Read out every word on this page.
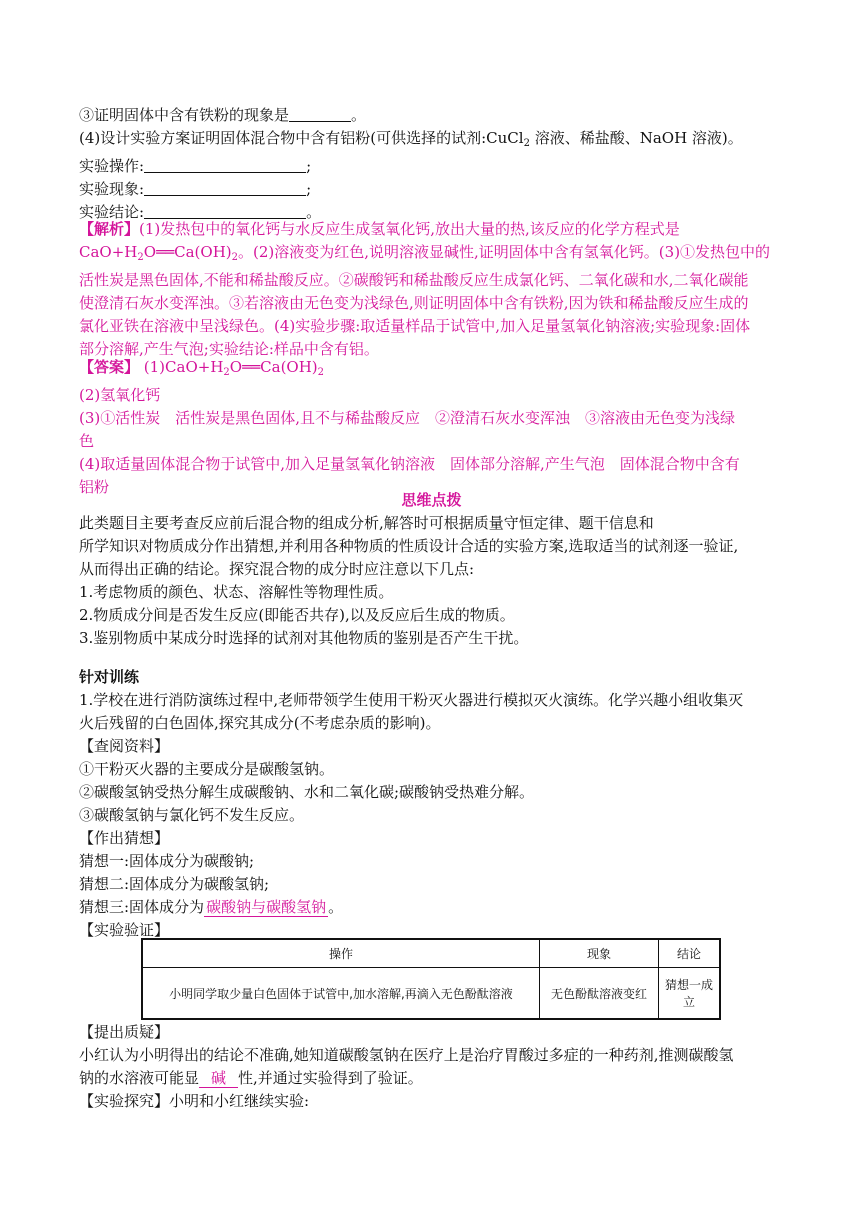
③证明固体中含有铁粉的现象是	。
(4)设计实验方案证明固体混合物中含有铝粉(可供选择的试剂:CuCl$_2$ 溶液、稀盐酸、NaOH 溶液)。
实验操作:	;
实验现象:	;
实验结论:	。
【解析】(1)发热包中的氧化钙与水反应生成氢氧化钙,放出大量的热,该反应的化学方程式是
$CaO+H_2O══Ca(OH)_2$。(2)溶液变为红色,说明溶液显碱性,证明固体中含有氢氧化钙。(3)①发热包中的
活性炭是黑色固体,不能和稀盐酸反应。②碳酸钙和稀盐酸反应生成氯化钙、二氧化碳和水,二氧化碳能
使澄清石灰水变浑浊。③若溶液由无色变为浅绿色,则证明固体中含有铁粉,因为铁和稀盐酸反应生成的
氯化亚铁在溶液中呈浅绿色。(4)实验步骤:取适量样品于试管中,加入足量氢氧化钠溶液;实验现象:固体
部分溶解,产生气泡;实验结论:样品中含有铝。
【答案】 $(1)CaO+H_2O══Ca(OH)_2$
(2)氢氧化钙
(3)①活性炭　活性炭是黑色固体,且不与稀盐酸反应　②澄清石灰水变浑浊　③溶液由无色变为浅绿
色
(4)取适量固体混合物于试管中,加入足量氢氧化钠溶液　固体部分溶解,产生气泡　固体混合物中含有
铝粉
思维点拨
此类题目主要考查反应前后混合物的组成分析,解答时可根据质量守恒定律、题干信息和
所学知识对物质成分作出猜想,并利用各种物质的性质设计合适的实验方案,选取适当的试剂逐一验证,
从而得出正确的结论。探究混合物的成分时应注意以下几点:
1.考虑物质的颜色、状态、溶解性等物理性质。
2.物质成分间是否发生反应(即能否共存),以及反应后生成的物质。
3.鉴别物质中某成分时选择的试剂对其他物质的鉴别是否产生干扰。
针对训练
1.学校在进行消防演练过程中,老师带领学生使用干粉灭火器进行模拟灭火演练。化学兴趣小组收集灭
火后残留的白色固体,探究其成分(不考虑杂质的影响)。
【查阅资料】
①干粉灭火器的主要成分是碳酸氢钠。
②碳酸氢钠受热分解生成碳酸钠、水和二氧化碳;碳酸钠受热难分解。
③碳酸氢钠与氯化钙不发生反应。
【作出猜想】
猜想一:固体成分为碳酸钠;
猜想二:固体成分为碳酸氢钠;
猜想三:固体成分为 碳酸钠与碳酸氢钠 。
【实验验证】
操作	现象	结论
小明同学取少量白色固体于试管中,加水溶解,再滴入无色酚酞溶液	无色酚酞溶液变红	猜想一成立
【提出质疑】
小红认为小明得出的结论不准确,她知道碳酸氢钠在医疗上是治疗胃酸过多症的一种药剂,推测碳酸氢
钠的水溶液可能显 碱 性,并通过实验得到了验证。
【实验探究】小明和小红继续实验:
